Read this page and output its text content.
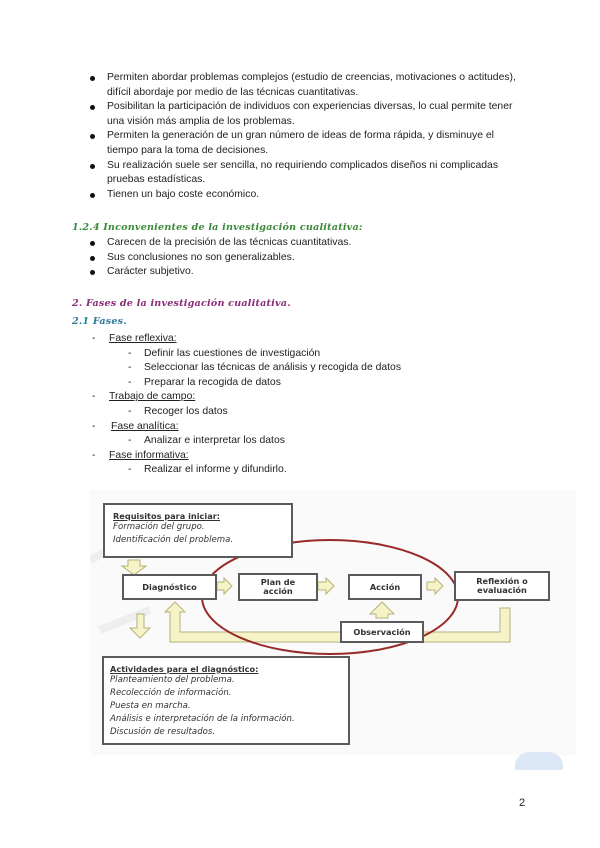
Permiten abordar problemas complejos (estudio de creencias, motivaciones o actitudes), difícil abordaje por medio de las técnicas cuantitativas.
Posibilitan la participación de individuos con experiencias diversas, lo cual permite tener una visión más amplia de los problemas.
Permiten la generación de un gran número de ideas de forma rápida, y disminuye el tiempo para la toma de decisiones.
Su realización suele ser sencilla, no requiriendo complicados diseños ni complicadas pruebas estadísticas.
Tienen un bajo coste económico.
1.2.4 Inconvenientes de la investigación cualitativa:
Carecen de la precisión de las técnicas cuantitativas.
Sus conclusiones no son generalizables.
Carácter subjetivo.
2. Fases de la investigación cualitativa.
2.1 Fases.
- Fase reflexiva:
- Definir las cuestiones de investigación
- Seleccionar las técnicas de análisis y recogida de datos
- Preparar la recogida de datos
- Trabajo de campo:
- Recoger los datos
- Fase analítica:
- Analizar e interpretar los datos
- Fase informativa:
- Realizar el informe y difundirlo.
Requisitos para iniciar:
Formación del grupo.
Identificación del problema.
Diagnóstico	Plan de
acción	Acción
Reflexión o
evaluación
Observación
Actividades para el diagnóstico:
Planteamiento del problema.
Recolección de información.
Puesta en marcha.
Análisis e interpretación de la información.
Discusión de resultados.
2
